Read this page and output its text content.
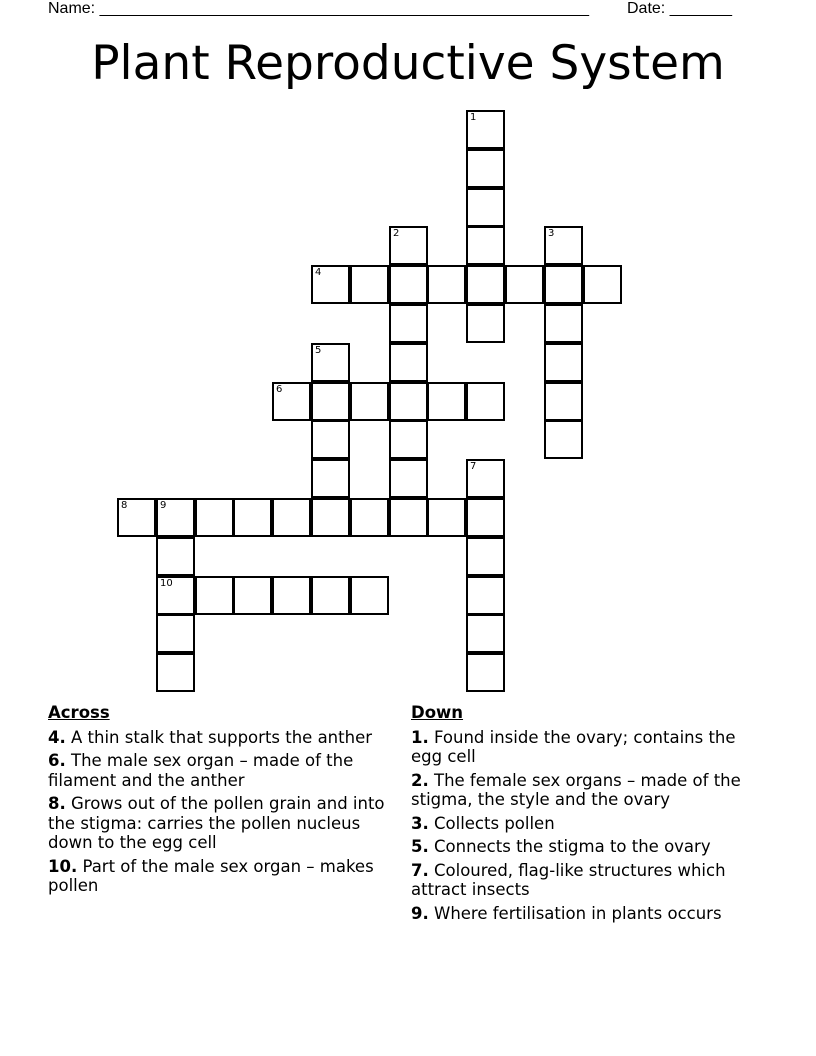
Name: _______________________________________________________ Date: _______
Plant Reproductive System
1
2	3
4
5
6
7
8	9
10
Across
4. A thin stalk that supports the anther
6. The male sex organ – made of the filament and the anther
8. Grows out of the pollen grain and into the stigma: carries the pollen nucleus down to the egg cell
10. Part of the male sex organ – makes pollen
Down
1. Found inside the ovary; contains the egg cell
2. The female sex organs – made of the stigma, the style and the ovary
3. Collects pollen
5. Connects the stigma to the ovary
7. Coloured, flag-like structures which attract insects
9. Where fertilisation in plants occurs
